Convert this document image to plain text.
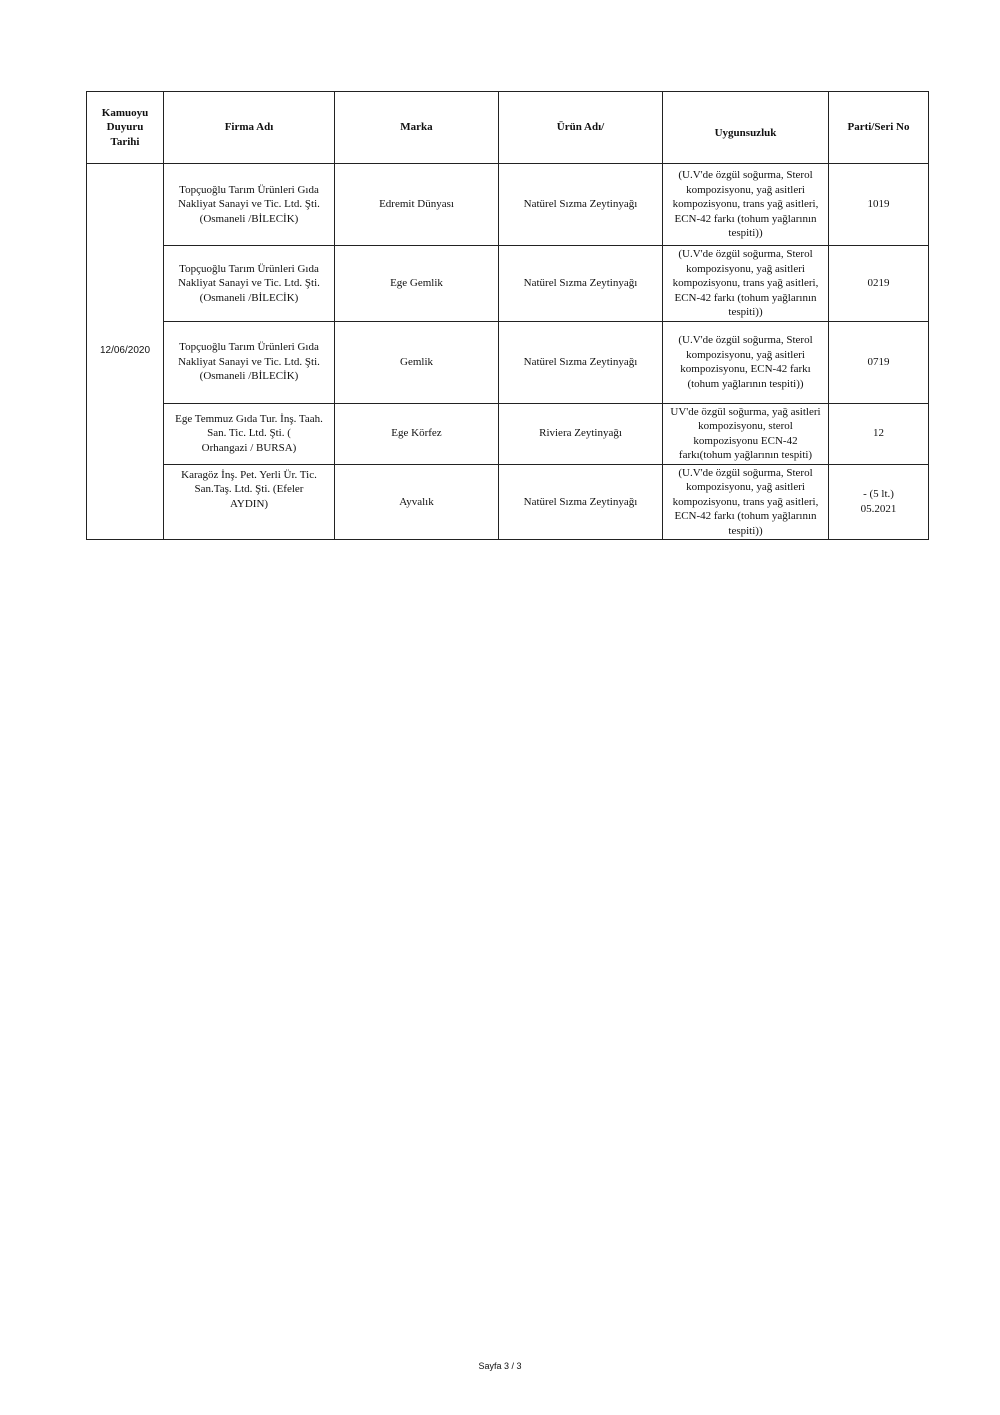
Kamuoyu
Duyuru
Tarihi	Firma Adı	Marka	Ürün Adı/	Uygunsuzluk	Parti/Seri No
12/06/2020	Topçuoğlu Tarım Ürünleri Gıda
Nakliyat Sanayi ve Tic. Ltd. Şti.
(Osmaneli /BİLECİK)	Edremit Dünyası	Natürel Sızma Zeytinyağı	(U.V'de özgül soğurma, Sterol
kompozisyonu, yağ asitleri
kompozisyonu, trans yağ asitleri,
ECN-42 farkı (tohum yağlarının
tespiti))	1019
	Topçuoğlu Tarım Ürünleri Gıda
Nakliyat Sanayi ve Tic. Ltd. Şti.
(Osmaneli /BİLECİK)	Ege Gemlik	Natürel Sızma Zeytinyağı	(U.V'de özgül soğurma, Sterol
kompozisyonu, yağ asitleri
kompozisyonu, trans yağ asitleri,
ECN-42 farkı (tohum yağlarının
tespiti))	0219
	Topçuoğlu Tarım Ürünleri Gıda
Nakliyat Sanayi ve Tic. Ltd. Şti.
(Osmaneli /BİLECİK)	Gemlik	Natürel Sızma Zeytinyağı	(U.V'de özgül soğurma, Sterol
kompozisyonu, yağ asitleri
kompozisyonu, ECN-42 farkı
(tohum yağlarının tespiti))	0719
	Ege Temmuz Gıda Tur. İnş. Taah.
San. Tic. Ltd. Şti. (
Orhangazi / BURSA)	Ege Körfez	Riviera Zeytinyağı	UV'de özgül soğurma, yağ asitleri
kompozisyonu, sterol
kompozisyonu ECN-42
farkı(tohum yağlarının tespiti)	12
	Karagöz İnş. Pet. Yerli Ür. Tic.
San.Taş. Ltd. Şti. (Efeler
AYDIN)	Ayvalık	Natürel Sızma Zeytinyağı	(U.V'de özgül soğurma, Sterol
kompozisyonu, yağ asitleri
kompozisyonu, trans yağ asitleri,
ECN-42 farkı (tohum yağlarının
tespiti))	- (5 lt.)
05.2021
Sayfa 3 / 3
